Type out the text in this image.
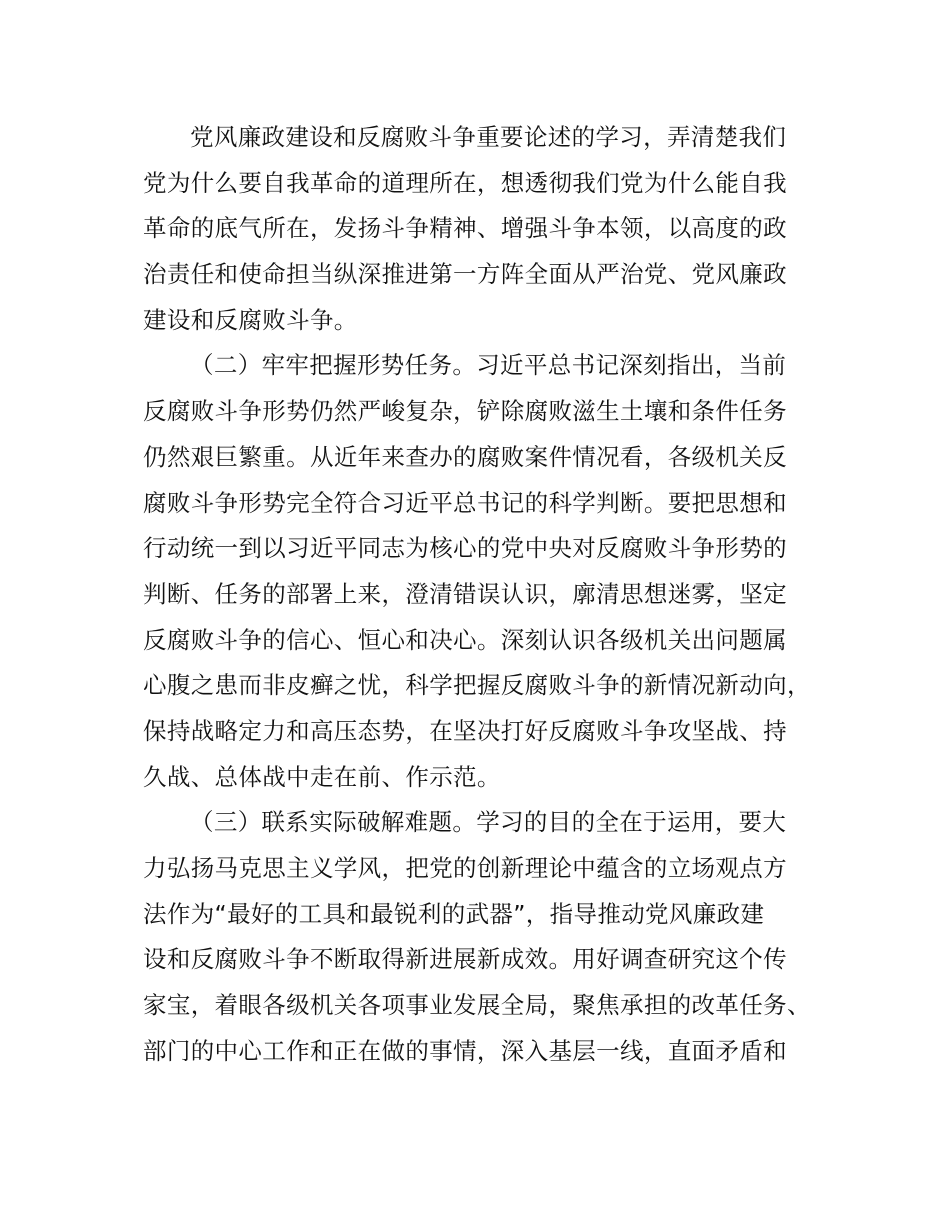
党风廉政建设和反腐败斗争重要论述的学习，弄清楚我们
党为什么要自我革命的道理所在，想透彻我们党为什么能自我
革命的底气所在，发扬斗争精神、增强斗争本领，以高度的政
治责任和使命担当纵深推进第一方阵全面从严治党、党风廉政
建设和反腐败斗争。
（二）牢牢把握形势任务。习近平总书记深刻指出，当前
反腐败斗争形势仍然严峻复杂，铲除腐败滋生土壤和条件任务
仍然艰巨繁重。从近年来查办的腐败案件情况看，各级机关反
腐败斗争形势完全符合习近平总书记的科学判断。要把思想和
行动统一到以习近平同志为核心的党中央对反腐败斗争形势的
判断、任务的部署上来，澄清错误认识，廓清思想迷雾，坚定
反腐败斗争的信心、恒心和决心。深刻认识各级机关出问题属
心腹之患而非皮癣之忧，科学把握反腐败斗争的新情况新动向，
保持战略定力和高压态势，在坚决打好反腐败斗争攻坚战、持
久战、总体战中走在前、作示范。
（三）联系实际破解难题。学习的目的全在于运用，要大
力弘扬马克思主义学风，把党的创新理论中蕴含的立场观点方
法作为“最好的工具和最锐利的武器”，指导推动党风廉政建
设和反腐败斗争不断取得新进展新成效。用好调查研究这个传
家宝，着眼各级机关各项事业发展全局，聚焦承担的改革任务、
部门的中心工作和正在做的事情，深入基层一线，直面矛盾和
